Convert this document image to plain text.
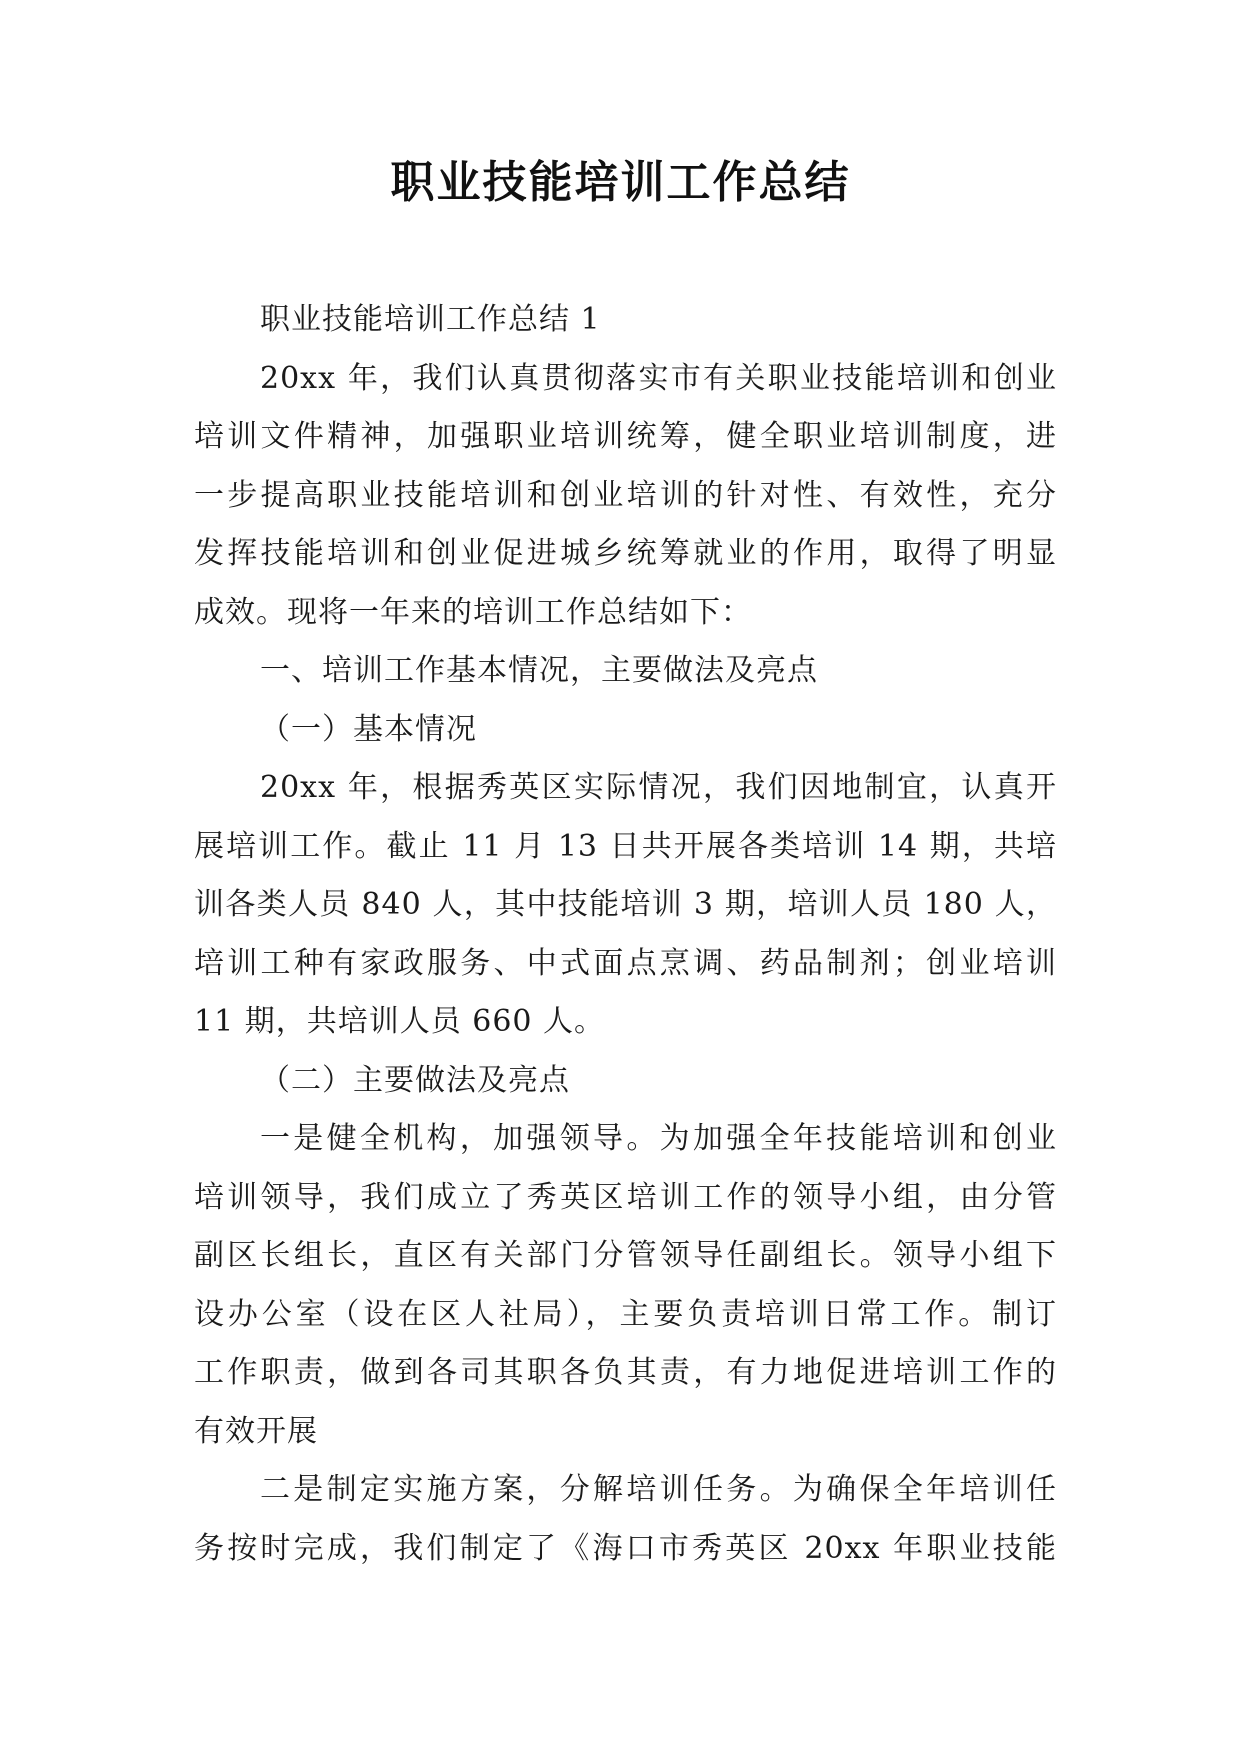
职业技能培训工作总结
职业技能培训工作总结 1
20xx 年，我们认真贯彻落实市有关职业技能培训和创业
培训文件精神，加强职业培训统筹，健全职业培训制度，进
一步提高职业技能培训和创业培训的针对性、有效性，充分
发挥技能培训和创业促进城乡统筹就业的作用，取得了明显
成效。现将一年来的培训工作总结如下：
一、培训工作基本情况，主要做法及亮点
（一）基本情况
20xx 年，根据秀英区实际情况，我们因地制宜，认真开
展培训工作。截止 11 月 13 日共开展各类培训 14 期，共培
训各类人员 840 人，其中技能培训 3 期，培训人员 180 人，
培训工种有家政服务、中式面点烹调、药品制剂；创业培训
11 期，共培训人员 660 人。
（二）主要做法及亮点
一是健全机构，加强领导。为加强全年技能培训和创业
培训领导，我们成立了秀英区培训工作的领导小组，由分管
副区长组长，直区有关部门分管领导任副组长。领导小组下
设办公室（设在区人社局），主要负责培训日常工作。制订
工作职责，做到各司其职各负其责，有力地促进培训工作的
有效开展
二是制定实施方案，分解培训任务。为确保全年培训任
务按时完成，我们制定了《海口市秀英区 20xx 年职业技能
